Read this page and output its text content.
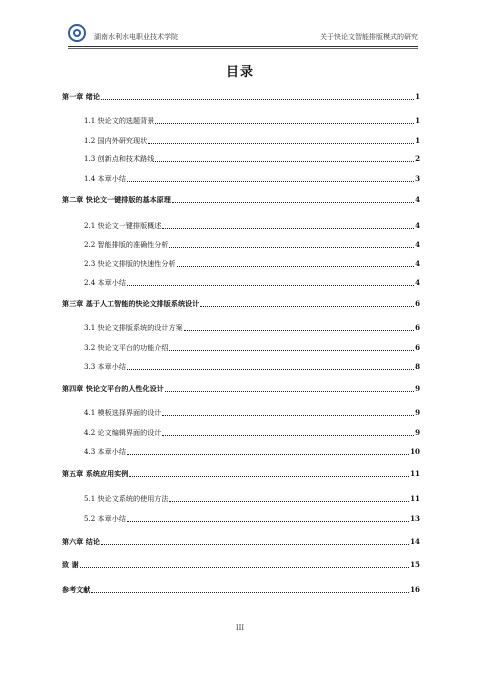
湖南水利水电职业技术学院	关于快论文智能排版模式的研究
目录
第一章 绪论	1
1.1 快论文的选题背景	1
1.2 国内外研究现状	1
1.3 创新点和技术路线	2
1.4 本章小结	3
第二章 快论文一键排版的基本原理	4
2.1 快论文一键排版概述	4
2.2 智能排版的准确性分析	4
2.3 快论文排版的快速性分析	4
2.4 本章小结	4
第三章 基于人工智能的快论文排版系统设计	6
3.1 快论文排版系统的设计方案	6
3.2 快论文平台的功能介绍	6
3.3 本章小结	8
第四章 快论文平台的人性化设计	9
4.1 模板选择界面的设计	9
4.2 论文编辑界面的设计	9
4.3 本章小结	10
第五章 系统应用实例	11
5.1 快论文系统的使用方法	11
5.2 本章小结	13
第六章 结论	14
致 谢	15
参考文献	16
III
